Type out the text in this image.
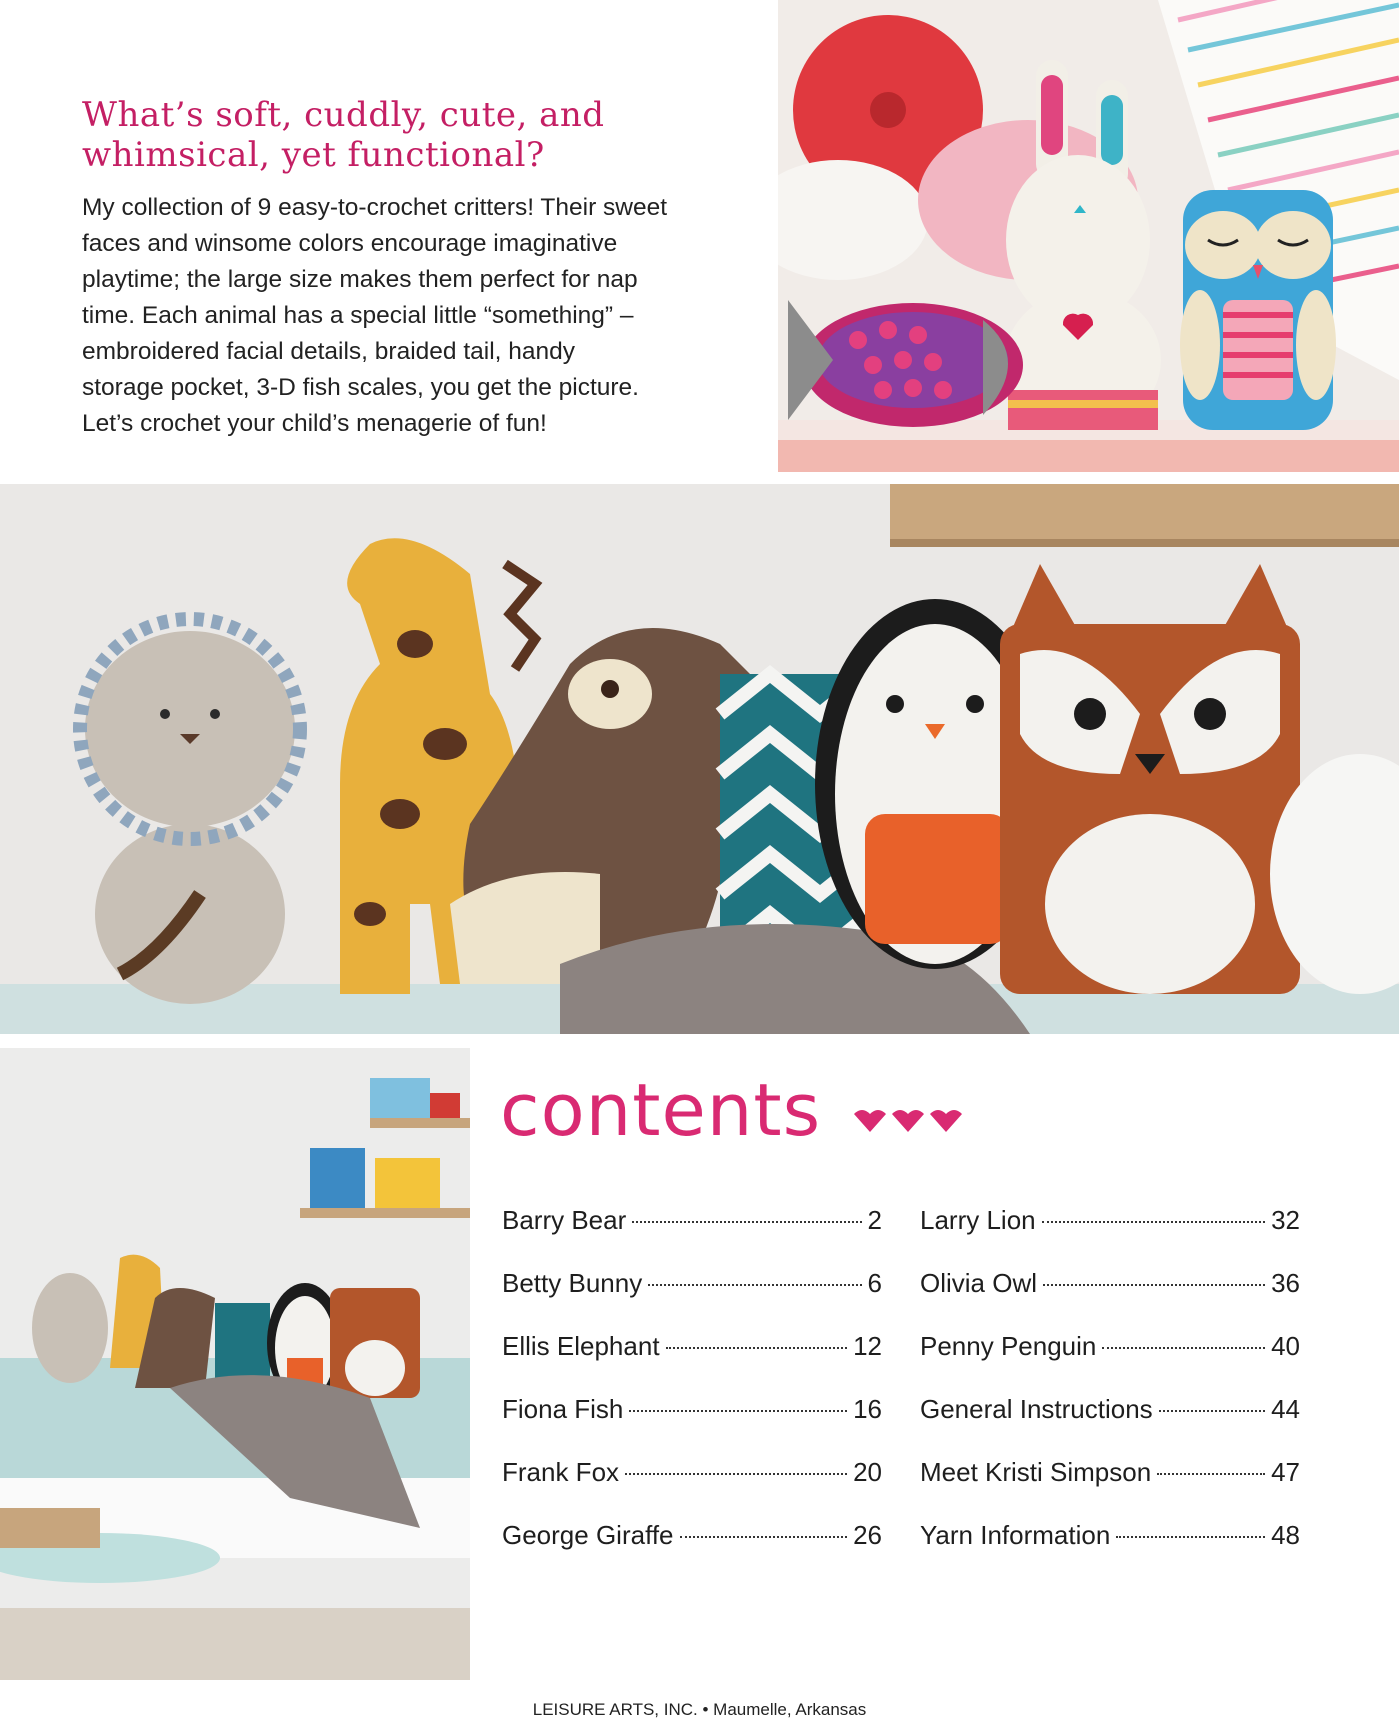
What’s soft, cuddly, cute, and
whimsical, yet functional?
My collection of 9 easy-to-crochet critters! Their sweet
faces and winsome colors encourage imaginative
playtime; the large size makes them perfect for nap
time. Each animal has a special little “something” –
embroidered facial details, braided tail, handy
storage pocket, 3-D fish scales, you get the picture.
Let’s crochet your child’s menagerie of fun!
contents
Barry Bear	2
Betty Bunny	6
Ellis Elephant	12
Fiona Fish	16
Frank Fox	20
George Giraffe	26
Larry Lion	32
Olivia Owl	36
Penny Penguin	40
General Instructions	44
Meet Kristi Simpson	47
Yarn Information	48
LEISURE ARTS, INC. • Maumelle, Arkansas
